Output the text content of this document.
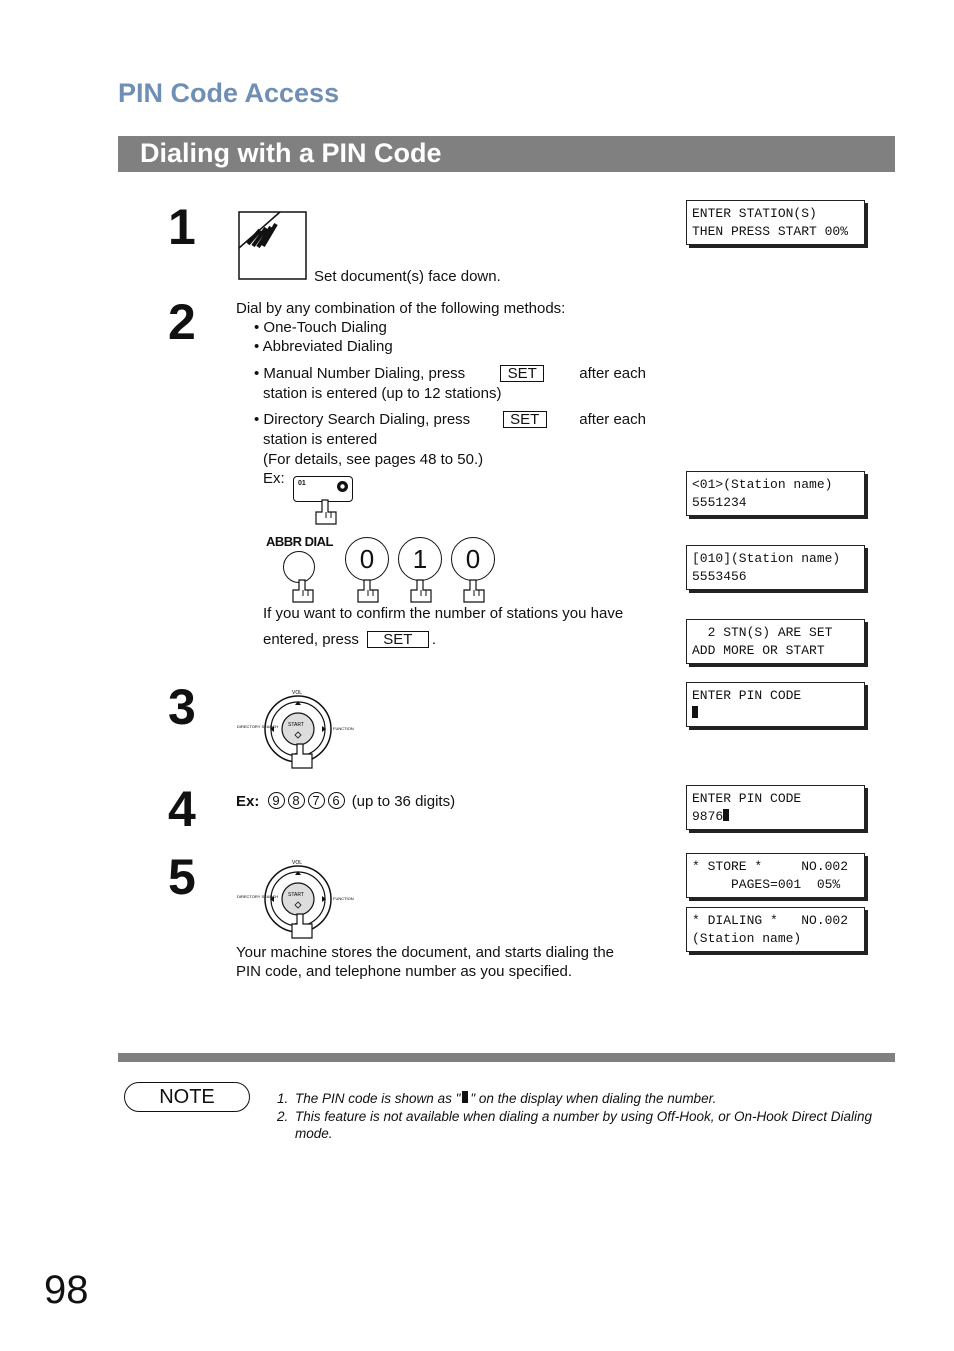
PIN Code Access
Dialing with a PIN Code
1
Set document(s) face down.
2	Dial by any combination of the following methods:
• One-Touch Dialing
• Abbreviated Dialing
• Manual Number Dialing, press	SET	after each
station is entered (up to 12 stations)
• Directory Search Dialing, press	SET	after each
station is entered
(For details, see pages 48 to 50.)
Ex: 01
ABBR DIAL
0	1	0
If you want to confirm the number of stations you have
entered, press SET .
3	VOL
START
DIRECTORY SEARCH	FUNCTION
4	Ex: 9 8 7 6 (up to 36 digits)
5	VOL
START
DIRECTORY SEARCH	FUNCTION
Your machine stores the document, and starts dialing the
PIN code, and telephone number as you specified.
ENTER STATION(S)
THEN PRESS START 00%
<01>(Station name)
5551234
[010](Station name)
5553456
2 STN(S) ARE SET
ADD MORE OR START
ENTER PIN CODE

ENTER PIN CODE
9876
* STORE *     NO.002
PAGES=001  05%
* DIALING *   NO.002
(Station name)
NOTE	1. The PIN code is shown as " " on the display when dialing the number.
2. This feature is not available when dialing a number by using Off-Hook, or On-Hook Direct Dialing mode.
98
